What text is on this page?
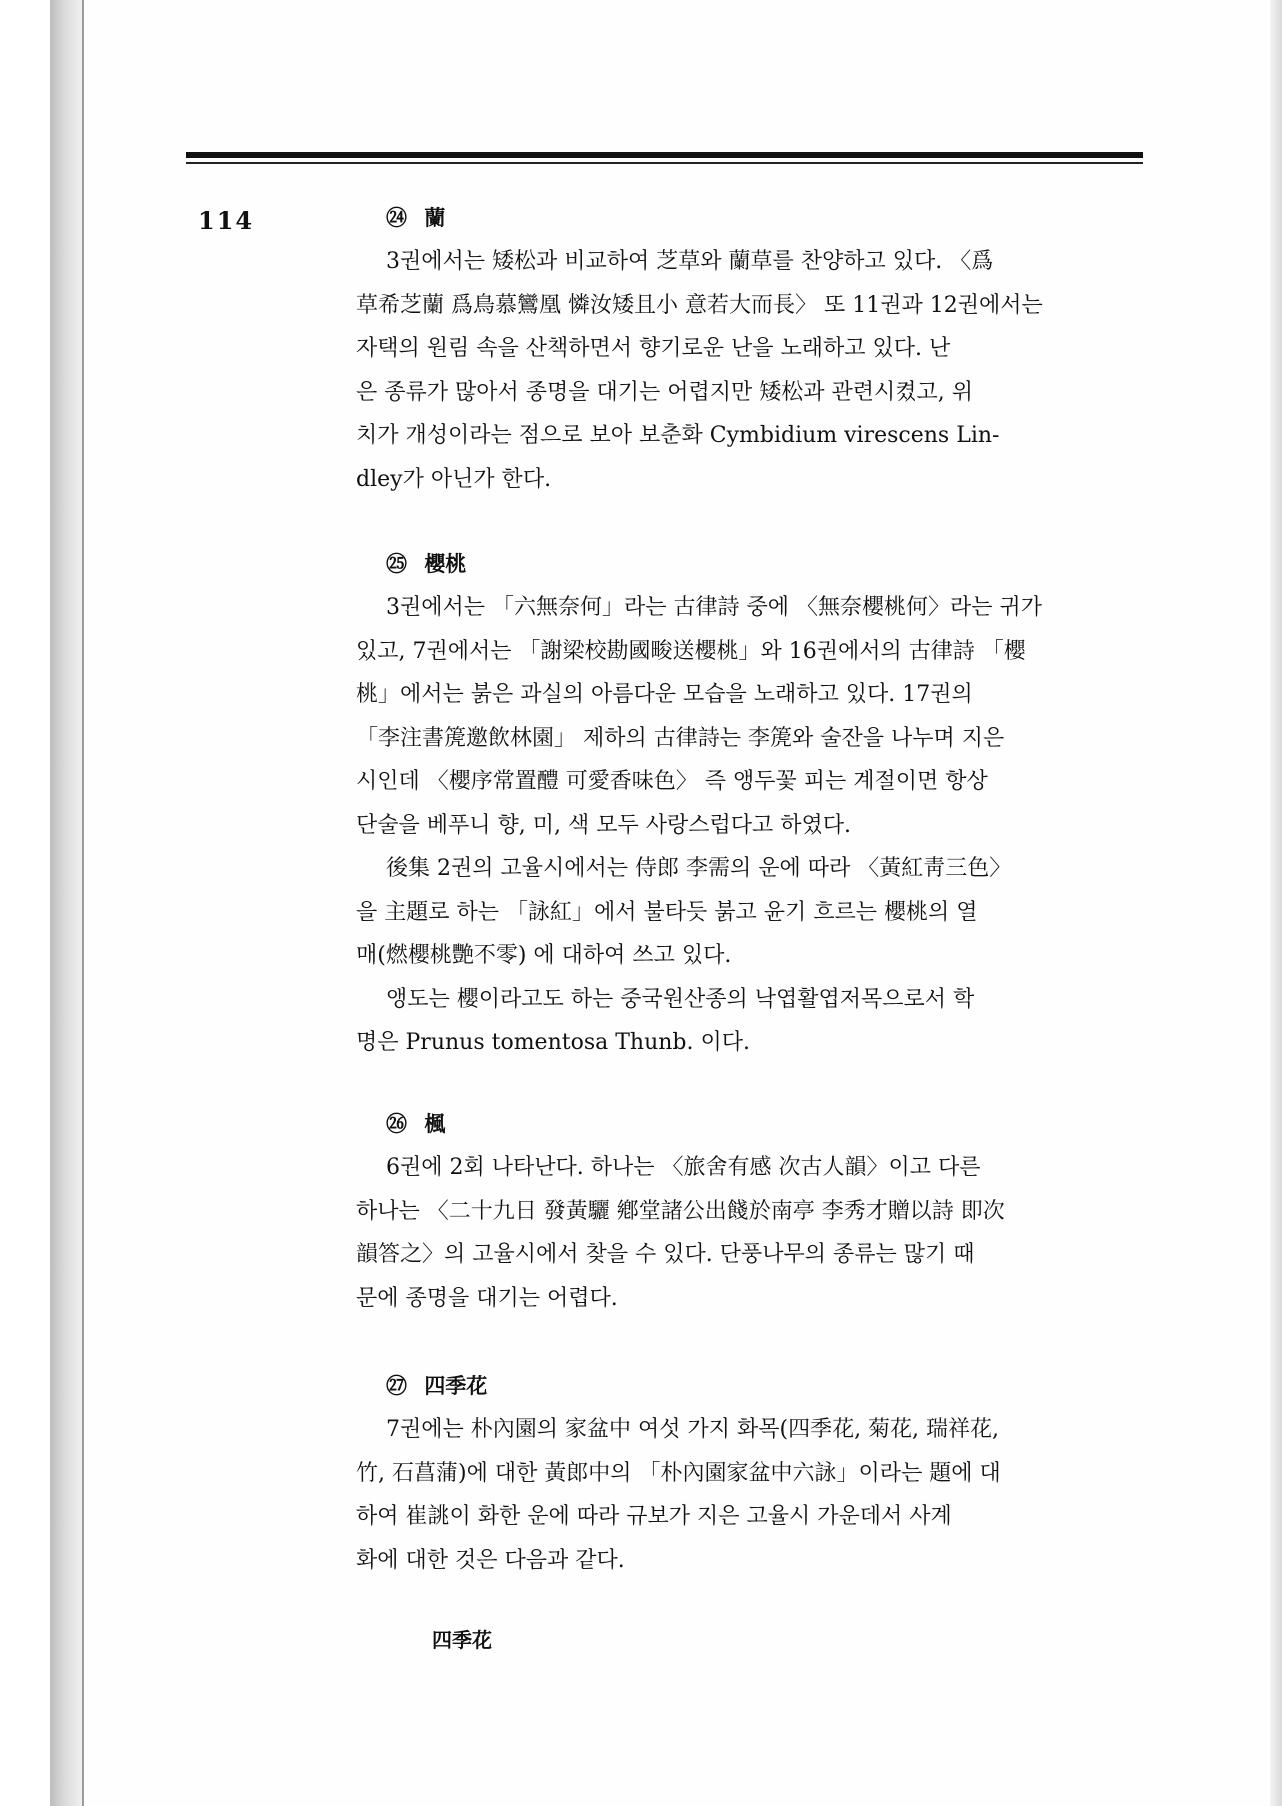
114	㉔ 蘭
3권에서는 矮松과 비교하여 芝草와 蘭草를 찬양하고 있다. 〈爲
草希芝蘭 爲鳥慕鸞凰 憐汝矮且小 意若大而長〉 또 11권과 12권에서는
자택의 원림 속을 산책하면서 향기로운 난을 노래하고 있다. 난
은 종류가 많아서 종명을 대기는 어렵지만 矮松과 관련시켰고, 위
치가 개성이라는 점으로 보아 보춘화 Cymbidium virescens Lin-
dley가 아닌가 한다.
㉕ 櫻桃
3권에서는 「六無奈何」라는 古律詩 중에 〈無奈櫻桃何〉라는 귀가
있고, 7권에서는 「謝梁校勘國畯送櫻桃」와 16권에서의 古律詩 「櫻
桃」에서는 붉은 과실의 아름다운 모습을 노래하고 있다. 17권의
「李注書箎邀飲林園」 제하의 古律詩는 李箎와 술잔을 나누며 지은
시인데 〈櫻序常置醴 可愛香味色〉 즉 앵두꽃 피는 계절이면 항상
단술을 베푸니 향, 미, 색 모두 사랑스럽다고 하였다.
後集 2권의 고율시에서는 侍郎 李需의 운에 따라 〈黃紅靑三色〉
을 主題로 하는 「詠紅」에서 불타듯 붉고 윤기 흐르는 櫻桃의 열
매(燃櫻桃艷不零) 에 대하여 쓰고 있다.
앵도는 櫻이라고도 하는 중국원산종의 낙엽활엽저목으로서 학
명은 Prunus tomentosa Thunb. 이다.
㉖ 楓
6권에 2회 나타난다. 하나는 〈旅舍有感 次古人韻〉이고 다른
하나는 〈二十九日 發黃驪 鄕堂諸公出餞於南亭 李秀才贈以詩 即次
韻答之〉의 고율시에서 찾을 수 있다. 단풍나무의 종류는 많기 때
문에 종명을 대기는 어렵다.
㉗ 四季花
7권에는 朴內園의 家盆中 여섯 가지 화목(四季花, 菊花, 瑞祥花,
竹, 石菖蒲)에 대한 黃郎中의 「朴內園家盆中六詠」이라는 題에 대
하여 崔誂이 화한 운에 따라 규보가 지은 고율시 가운데서 사계
화에 대한 것은 다음과 같다.
四季花
